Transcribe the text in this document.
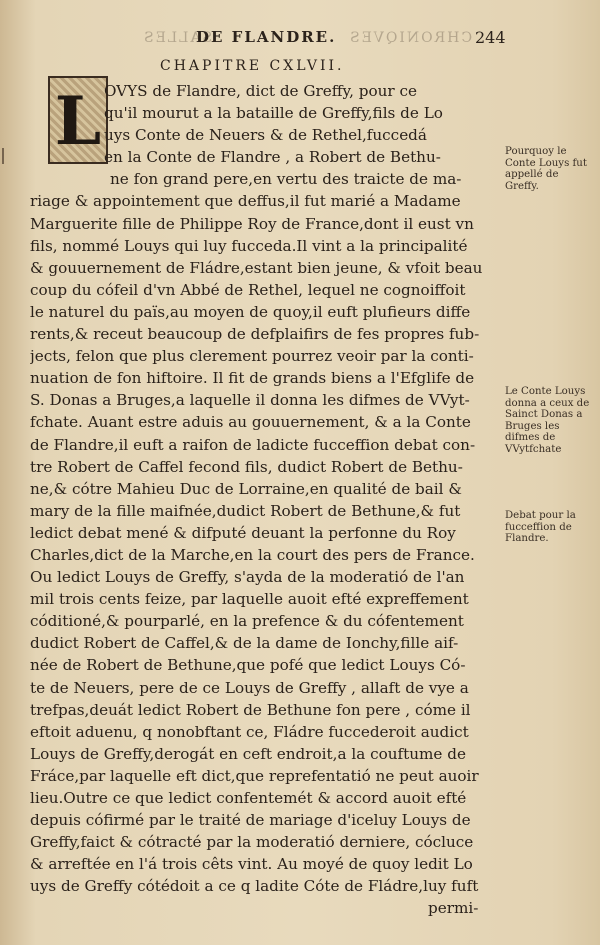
SALLES
DE FLANDRE. CHRONIQVES 244
CHAPITRE CXLVII.
L OVYS de Flandre, dict de Greffy, pour ce
qu'il mourut a la bataille de Greffy,fils de Lo
uys Conte de Neuers & de Rethel,fuccedá
en la Conte de Flandre , a Robert de Bethu-
ne fon grand pere,en vertu des traicte de ma-
riage & appointement que deffus,il fut marié a Madame
Marguerite fille de Philippe Roy de France,dont il eust vn
fils, nommé Louys qui luy fucceda.Il vint a la principalité
& gouuernement de Fládre,estant bien jeune, & vfoit beau
coup du cófeil d'vn Abbé de Rethel, lequel ne cognoiffoit
le naturel du païs,au moyen de quoy,il euft plufieurs diffe
rents,& receut beaucoup de defplaifirs de fes propres fub-
jects, felon que plus clerement pourrez veoir par la conti-
nuation de fon hiftoire. Il fit de grands biens a l'Efglife de
S. Donas a Bruges,a laquelle il donna les difmes de VVyt-
fchate. Auant estre aduis au gouuernement, & a la Conte
de Flandre,il euft a raifon de ladicte fucceffion debat con-
tre Robert de Caffel fecond fils, dudict Robert de Bethu-
ne,& cótre Mahieu Duc de Lorraine,en qualité de bail &
mary de la fille maifnée,dudict Robert de Bethune,& fut
ledict debat mené & difputé deuant la perfonne du Roy
Charles,dict de la Marche,en la court des pers de France.
Ou ledict Louys de Greffy, s'ayda de la moderatió de l'an
mil trois cents feize, par laquelle auoit efté expreffement
códitioné,& pourparlé, en la prefence & du cófentement
dudict Robert de Caffel,& de la dame de Ionchy,fille aif-
née de Robert de Bethune,que pofé que ledict Louys Có-
te de Neuers, pere de ce Louys de Greffy , allaft de vye a
trefpas,deuát ledict Robert de Bethune fon pere , cóme il
eftoit aduenu, q nonobftant ce, Fládre fuccederoit audict
Louys de Greffy,derogát en ceft endroit,a la couftume de
Fráce,par laquelle eft dict,que reprefentatió ne peut auoir
lieu.Outre ce que ledict confentemét & accord auoit efté
depuis cófirmé par le traité de mariage d'iceluy Louys de
Greffy,faict & cótracté par la moderatió derniere, cócluce
& arreftée en l'á trois cêts vint. Au moyé de quoy ledit Lo
uys de Greffy cótédoit a ce q ladite Cóte de Fládre,luy fuft
permi-
Pourquoy le Conte Louys fut appellé de Greffy.
Le Conte Louys donna a ceux de Sainct Donas a Bruges les difmes de VVytfchate
Debat pour la fucceffion de Flandre.
